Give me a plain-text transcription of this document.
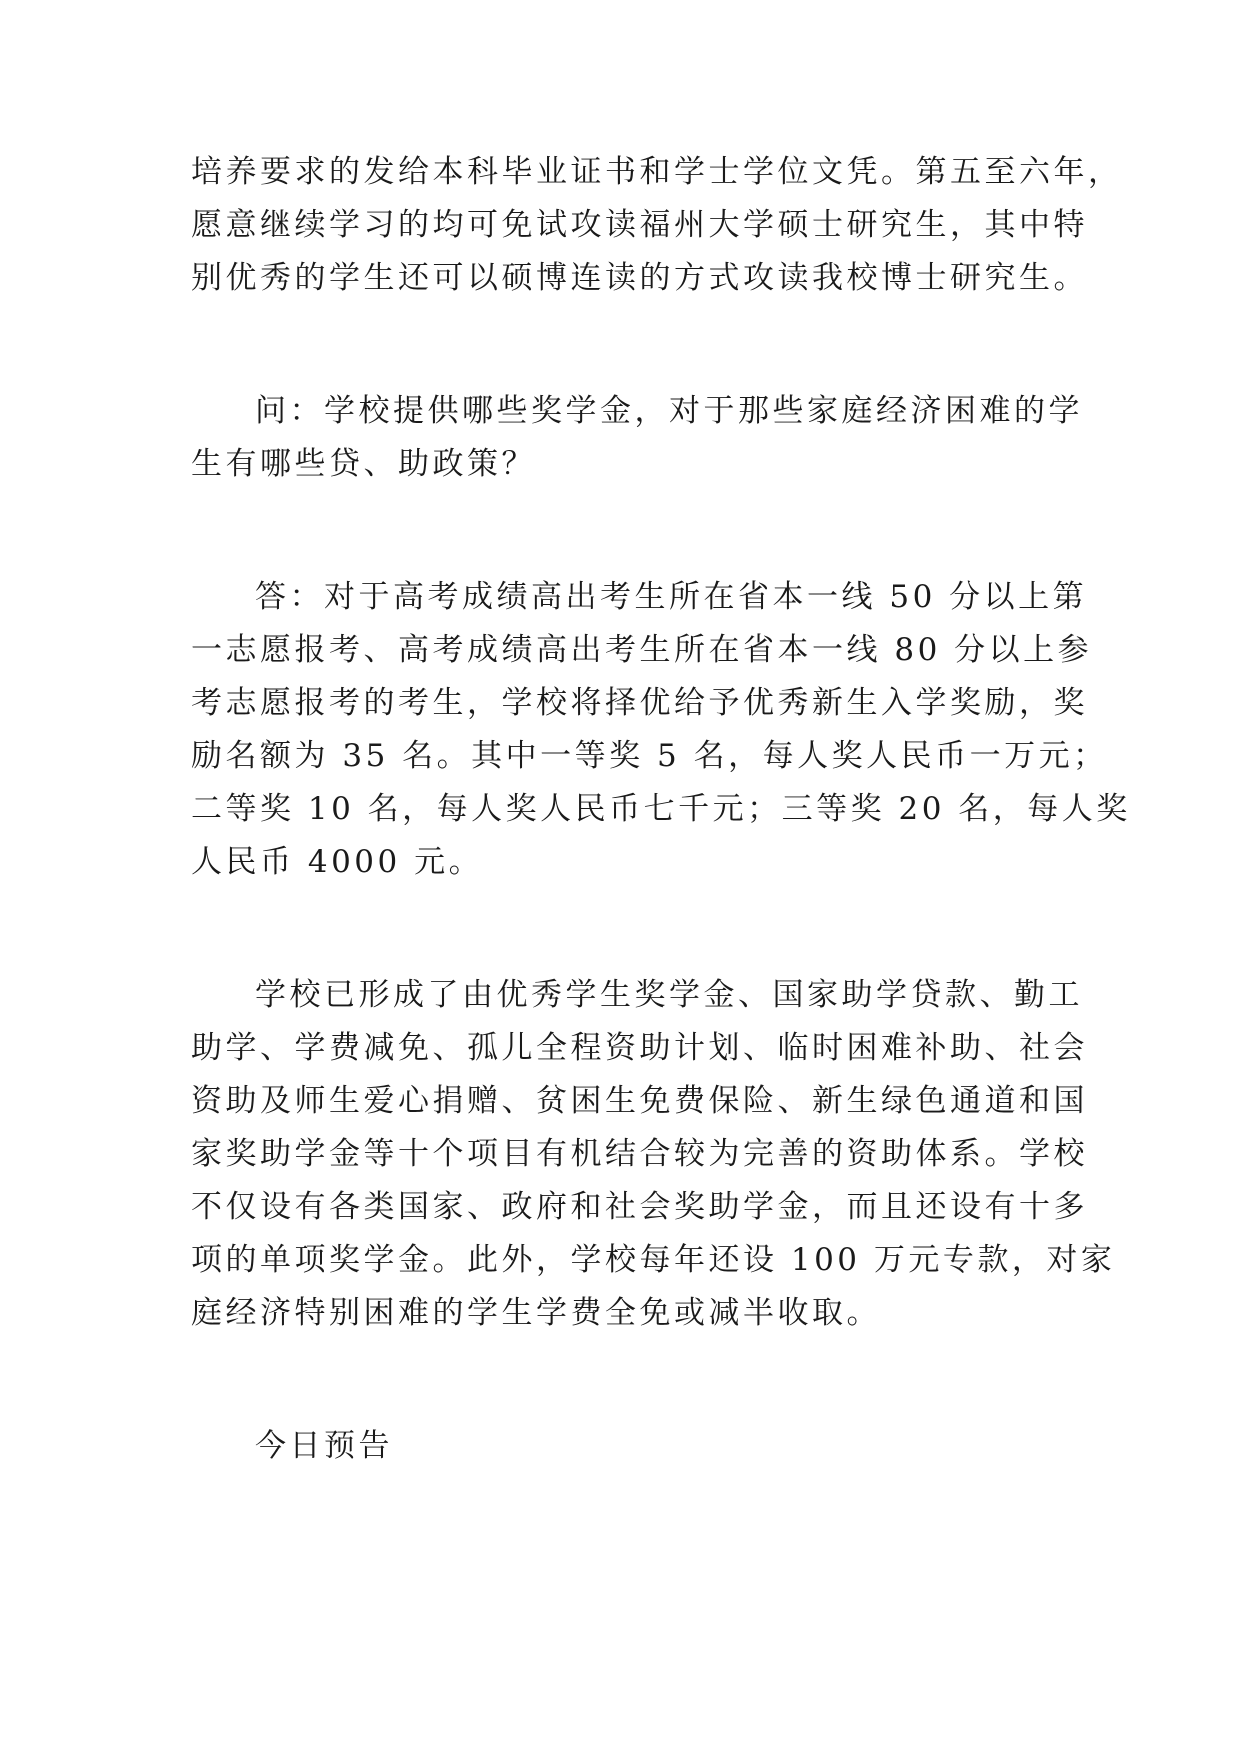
培养要求的发给本科毕业证书和学士学位文凭。第五至六年，

愿意继续学习的均可免试攻读福州大学硕士研究生，其中特

别优秀的学生还可以硕博连读的方式攻读我校博士研究生。

问：学校提供哪些奖学金，对于那些家庭经济困难的学

生有哪些贷、助政策？

答：对于高考成绩高出考生所在省本一线 50 分以上第

一志愿报考、高考成绩高出考生所在省本一线 80 分以上参

考志愿报考的考生，学校将择优给予优秀新生入学奖励，奖

励名额为 35 名。其中一等奖 5 名，每人奖人民币一万元；

二等奖 10 名，每人奖人民币七千元；三等奖 20 名，每人奖

人民币 4000 元。

学校已形成了由优秀学生奖学金、国家助学贷款、勤工

助学、学费减免、孤儿全程资助计划、临时困难补助、社会

资助及师生爱心捐赠、贫困生免费保险、新生绿色通道和国

家奖助学金等十个项目有机结合较为完善的资助体系。学校

不仅设有各类国家、政府和社会奖助学金，而且还设有十多

项的单项奖学金。此外，学校每年还设 100 万元专款，对家

庭经济特别困难的学生学费全免或减半收取。

今日预告
